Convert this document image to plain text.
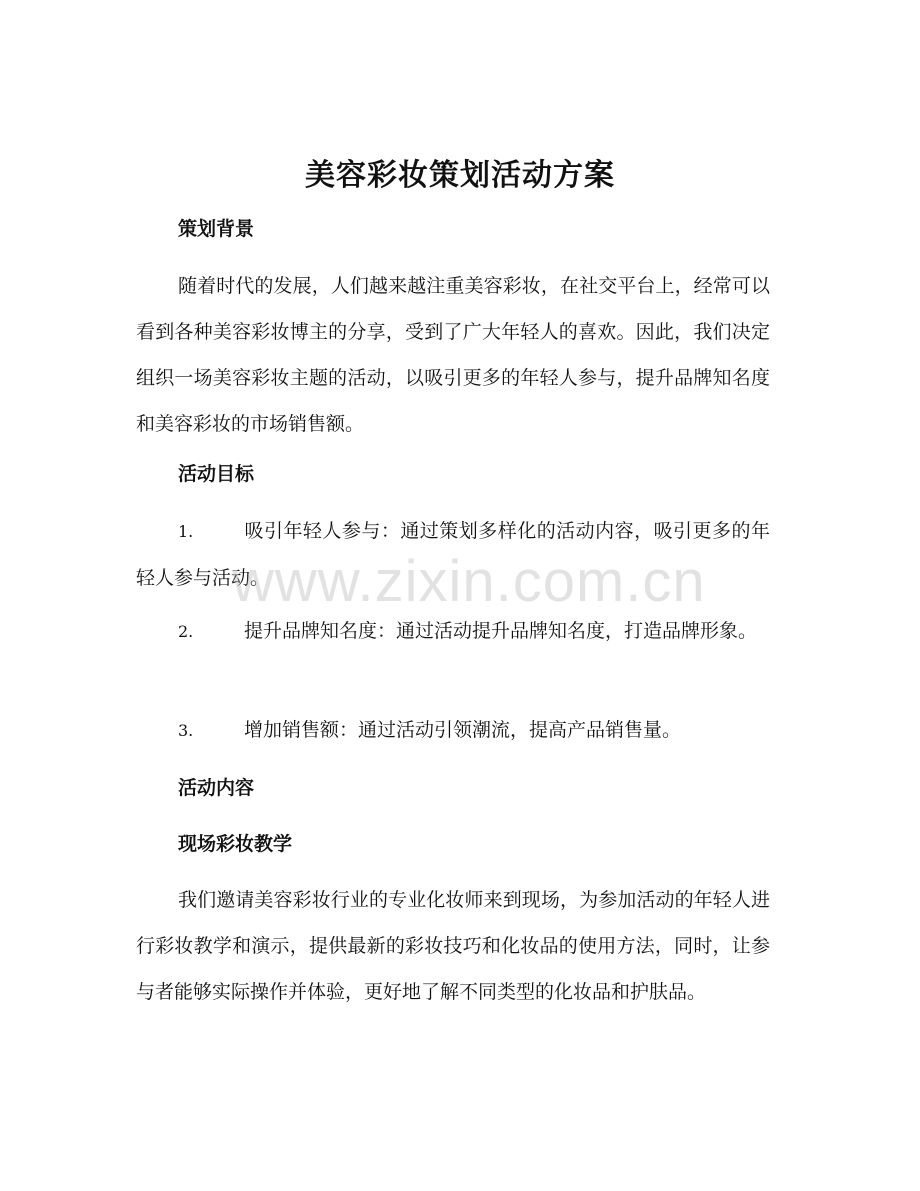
美容彩妆策划活动方案
策划背景
随着时代的发展，人们越来越注重美容彩妆，在社交平台上，经常可以看到各种美容彩妆博主的分享，受到了广大年轻人的喜欢。因此，我们决定组织一场美容彩妆主题的活动，以吸引更多的年轻人参与，提升品牌知名度和美容彩妆的市场销售额。
活动目标
1.	吸引年轻人参与：通过策划多样化的活动内容，吸引更多的年轻人参与活动。
2.	提升品牌知名度：通过活动提升品牌知名度，打造品牌形象。
3.	增加销售额：通过活动引领潮流，提高产品销售量。
活动内容
现场彩妆教学
我们邀请美容彩妆行业的专业化妆师来到现场，为参加活动的年轻人进行彩妆教学和演示，提供最新的彩妆技巧和化妆品的使用方法，同时，让参与者能够实际操作并体验，更好地了解不同类型的化妆品和护肤品。
www.zixin.com.cn
